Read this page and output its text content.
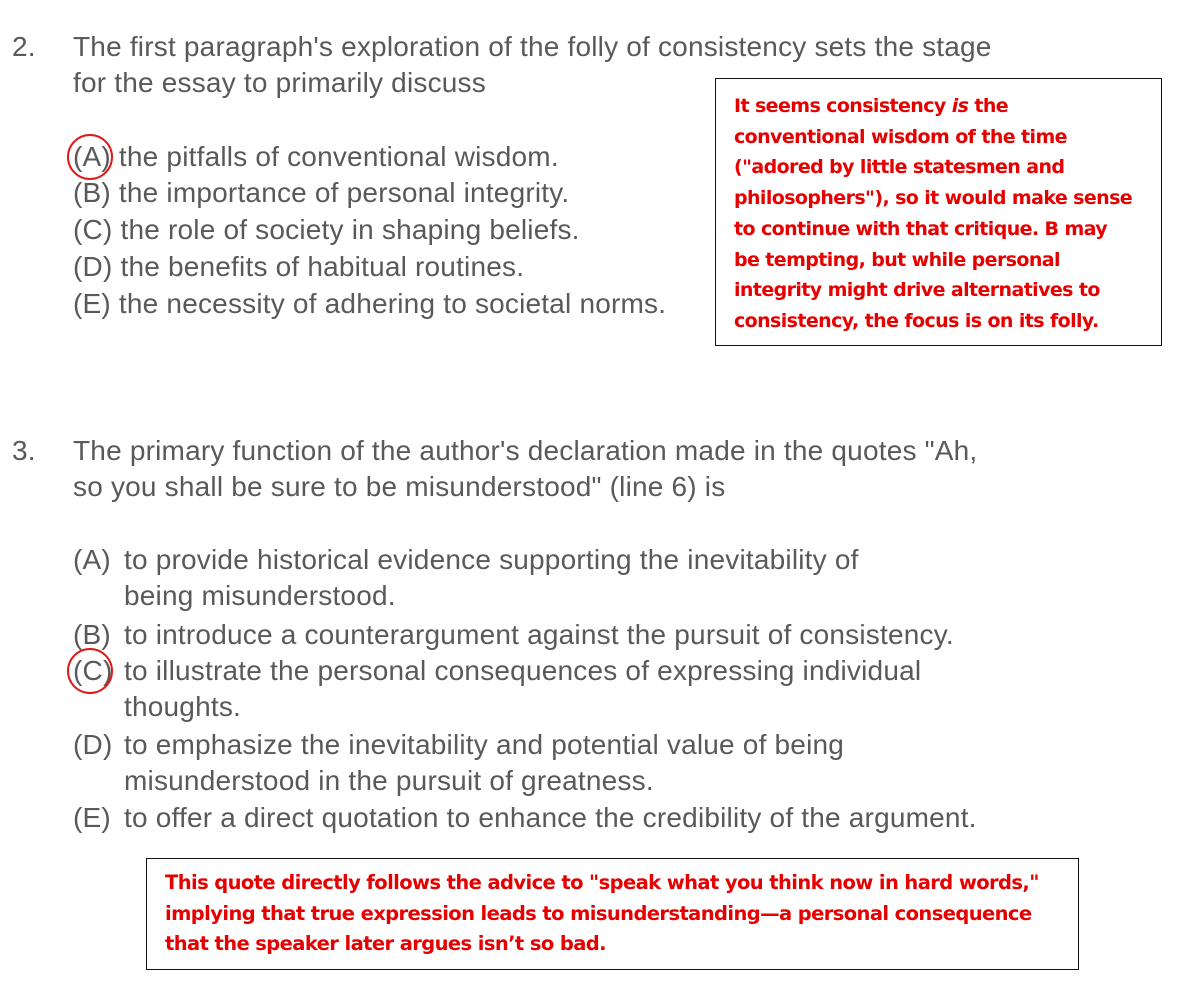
2. The first paragraph's exploration of the folly of consistency sets the stage
for the essay to primarily discuss
(A) the pitfalls of conventional wisdom.
(B) the importance of personal integrity.
(C) the role of society in shaping beliefs.
(D) the benefits of habitual routines.
(E) the necessity of adhering to societal norms.
It seems consistency is the
conventional wisdom of the time
("adored by little statesmen and
philosophers"), so it would make sense
to continue with that critique. B may
be tempting, but while personal
integrity might drive alternatives to
consistency, the focus is on its folly.
3. The primary function of the author's declaration made in the quotes "Ah,
so you shall be sure to be misunderstood" (line 6) is
(A) to provide historical evidence supporting the inevitability of
being misunderstood.
(B) to introduce a counterargument against the pursuit of consistency.
(C) to illustrate the personal consequences of expressing individual
thoughts.
(D) to emphasize the inevitability and potential value of being
misunderstood in the pursuit of greatness.
(E) to offer a direct quotation to enhance the credibility of the argument.
This quote directly follows the advice to "speak what you think now in hard words,"
implying that true expression leads to misunderstanding—a personal consequence
that the speaker later argues isn’t so bad.
